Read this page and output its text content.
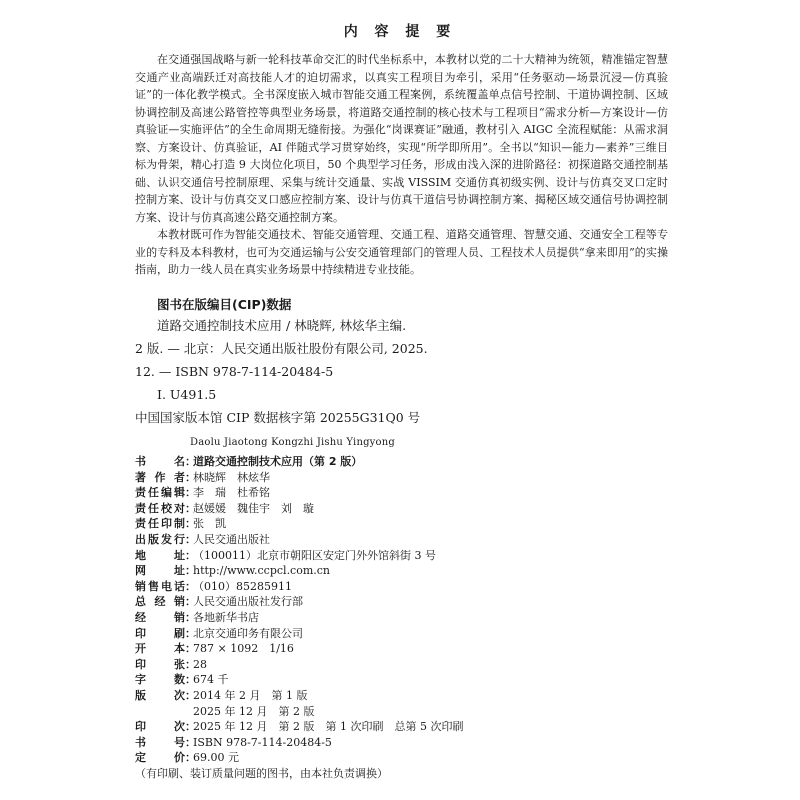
内 容 提 要

在交通强国战略与新一轮科技革命交汇的时代坐标系中，本教材以党的二十大精神为统领，精准锚定智慧交通产业高端跃迁对高技能人才的迫切需求，以真实工程项目为牵引，采用“任务驱动—场景沉浸—仿真验证”的一体化教学模式。全书深度嵌入城市智能交通工程案例，系统覆盖单点信号控制、干道协调控制、区域协调控制及高速公路管控等典型业务场景，将道路交通控制的核心技术与工程项目“需求分析—方案设计—仿真验证—实施评估”的全生命周期无缝衔接。为强化“岗课赛证”融通，教材引入 AIGC 全流程赋能：从需求洞察、方案设计、仿真验证，AI 伴随式学习贯穿始终，实现“所学即所用”。全书以“知识—能力—素养”三维目标为骨架，精心打造 9 大岗位化项目，50 个典型学习任务，形成由浅入深的进阶路径：初探道路交通控制基础、认识交通信号控制原理、采集与统计交通量、实战 VISSIM 交通仿真初级实例、设计与仿真交叉口定时控制方案、设计与仿真交叉口感应控制方案、设计与仿真干道信号协调控制方案、揭秘区域交通信号协调控制方案、设计与仿真高速公路交通控制方案。

本教材既可作为智能交通技术、智能交通管理、交通工程、道路交通管理、智慧交通、交通安全工程等专业的专科及本科教材，也可为交通运输与公安交通管理部门的管理人员、工程技术人员提供“拿来即用”的实操指南，助力一线人员在真实业务场景中持续精进专业技能。

图书在版编目(CIP)数据
道路交通控制技术应用 / 林晓辉, 林炫华主编.
2 版. — 北京：人民交通出版社股份有限公司, 2025.
12. — ISBN 978-7-114-20484-5
Ⅰ. U491.5
中国国家版本馆 CIP 数据核字第 20255G31Q0 号
Daolu Jiaotong Kongzhi Jishu Yingyong
书　名 ：
道路交通控制技术应用（第 2 版）
著作者 ：
林晓辉　林炫华
责任编辑 ：
李　瑞　杜希铭
责任校对 ：
赵媛媛　魏佳宇　刘　璇
责任印制 ：
张　凯
出版发行 ：
人民交通出版社
地　址 ：
（100011）北京市朝阳区安定门外外馆斜街 3 号
网　址 ：
http://www.ccpcl.com.cn
销售电话 ：
（010）85285911
总经销 ：
人民交通出版社发行部
经　销 ：
各地新华书店
印　刷 ：
北京交通印务有限公司
开　本 ：
787 × 1092　1/16
印　张 ：
28
字　数 ：
674 千
版　次 ：
2014 年 2 月　第 1 版
2025 年 12 月　第 2 版
印　次 ：
2025 年 12 月　第 2 版　第 1 次印刷　总第 5 次印刷
书　号 ：
ISBN 978-7-114-20484-5
定　价 ：
69.00 元
（有印刷、装订质量问题的图书，由本社负责调换）
